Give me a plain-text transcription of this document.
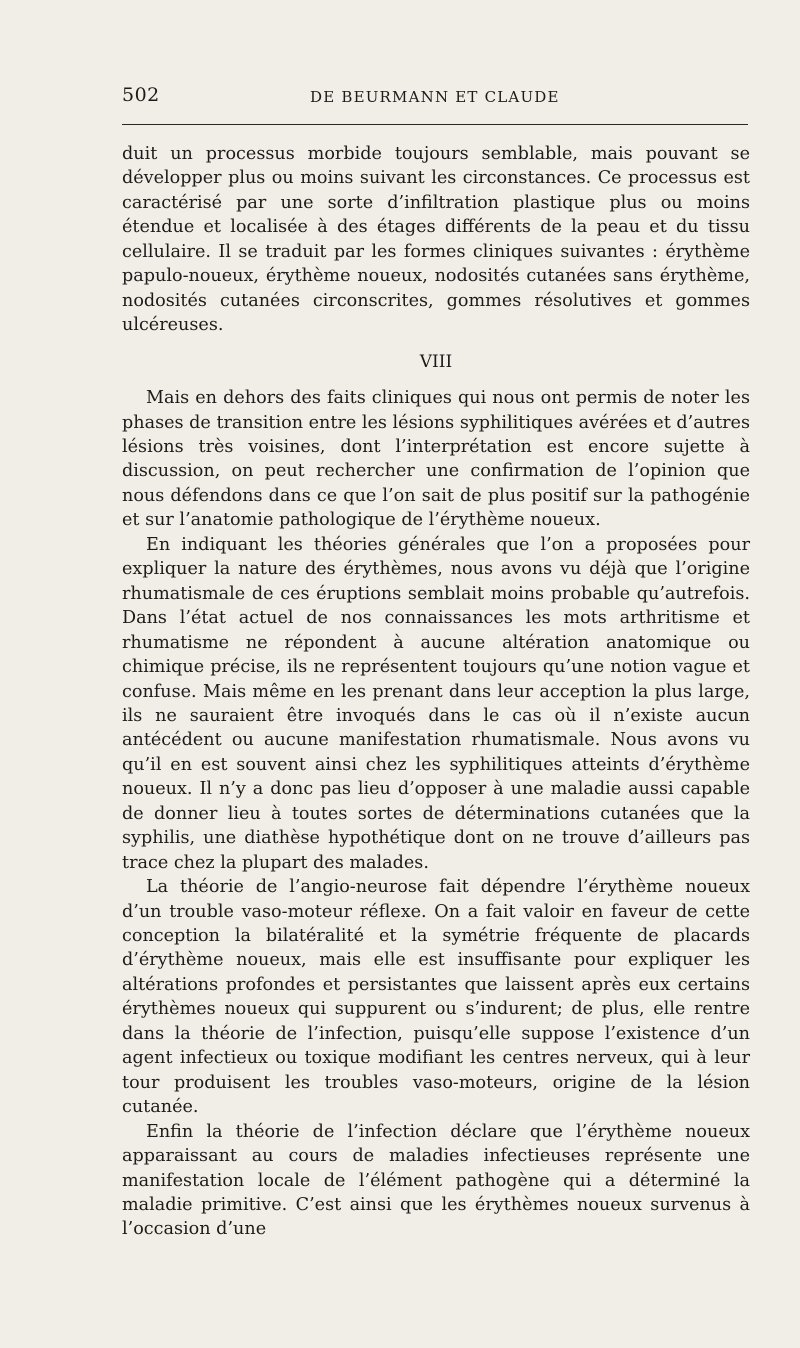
502	DE BEURMANN ET CLAUDE

duit un processus morbide toujours semblable, mais pouvant se développer plus ou moins suivant les circonstances. Ce processus est caractérisé par une sorte d’infiltration plastique plus ou moins étendue et localisée à des étages différents de la peau et du tissu cellulaire. Il se traduit par les formes cliniques suivantes : érythème papulo-noueux, érythème noueux, nodosités cutanées sans érythème, nodosités cutanées circonscrites, gommes résolutives et gommes ulcéreuses.

VIII

Mais en dehors des faits cliniques qui nous ont permis de noter les phases de transition entre les lésions syphilitiques avérées et d’autres lésions très voisines, dont l’interprétation est encore sujette à discussion, on peut rechercher une confirmation de l’opinion que nous défendons dans ce que l’on sait de plus positif sur la pathogénie et sur l’anatomie pathologique de l’érythème noueux.

En indiquant les théories générales que l’on a proposées pour expliquer la nature des érythèmes, nous avons vu déjà que l’origine rhumatismale de ces éruptions semblait moins probable qu’autrefois. Dans l’état actuel de nos connaissances les mots arthritisme et rhumatisme ne répondent à aucune altération anatomique ou chimique précise, ils ne représentent toujours qu’une notion vague et confuse. Mais même en les prenant dans leur acception la plus large, ils ne sauraient être invoqués dans le cas où il n’existe aucun antécédent ou aucune manifestation rhumatismale. Nous avons vu qu’il en est souvent ainsi chez les syphilitiques atteints d’érythème noueux. Il n’y a donc pas lieu d’opposer à une maladie aussi capable de donner lieu à toutes sortes de déterminations cutanées que la syphilis, une diathèse hypothétique dont on ne trouve d’ailleurs pas trace chez la plupart des malades.

La théorie de l’angio-neurose fait dépendre l’érythème noueux d’un trouble vaso-moteur réflexe. On a fait valoir en faveur de cette conception la bilatéralité et la symétrie fréquente de placards d’érythème noueux, mais elle est insuffisante pour expliquer les altérations profondes et persistantes que laissent après eux certains érythèmes noueux qui suppurent ou s’indurent; de plus, elle rentre dans la théorie de l’infection, puisqu’elle suppose l’existence d’un agent infectieux ou toxique modifiant les centres nerveux, qui à leur tour produisent les troubles vaso-moteurs, origine de la lésion cutanée.

Enfin la théorie de l’infection déclare que l’érythème noueux apparaissant au cours de maladies infectieuses représente une manifestation locale de l’élément pathogène qui a déterminé la maladie primitive. C’est ainsi que les érythèmes noueux survenus à l’occasion d’une
